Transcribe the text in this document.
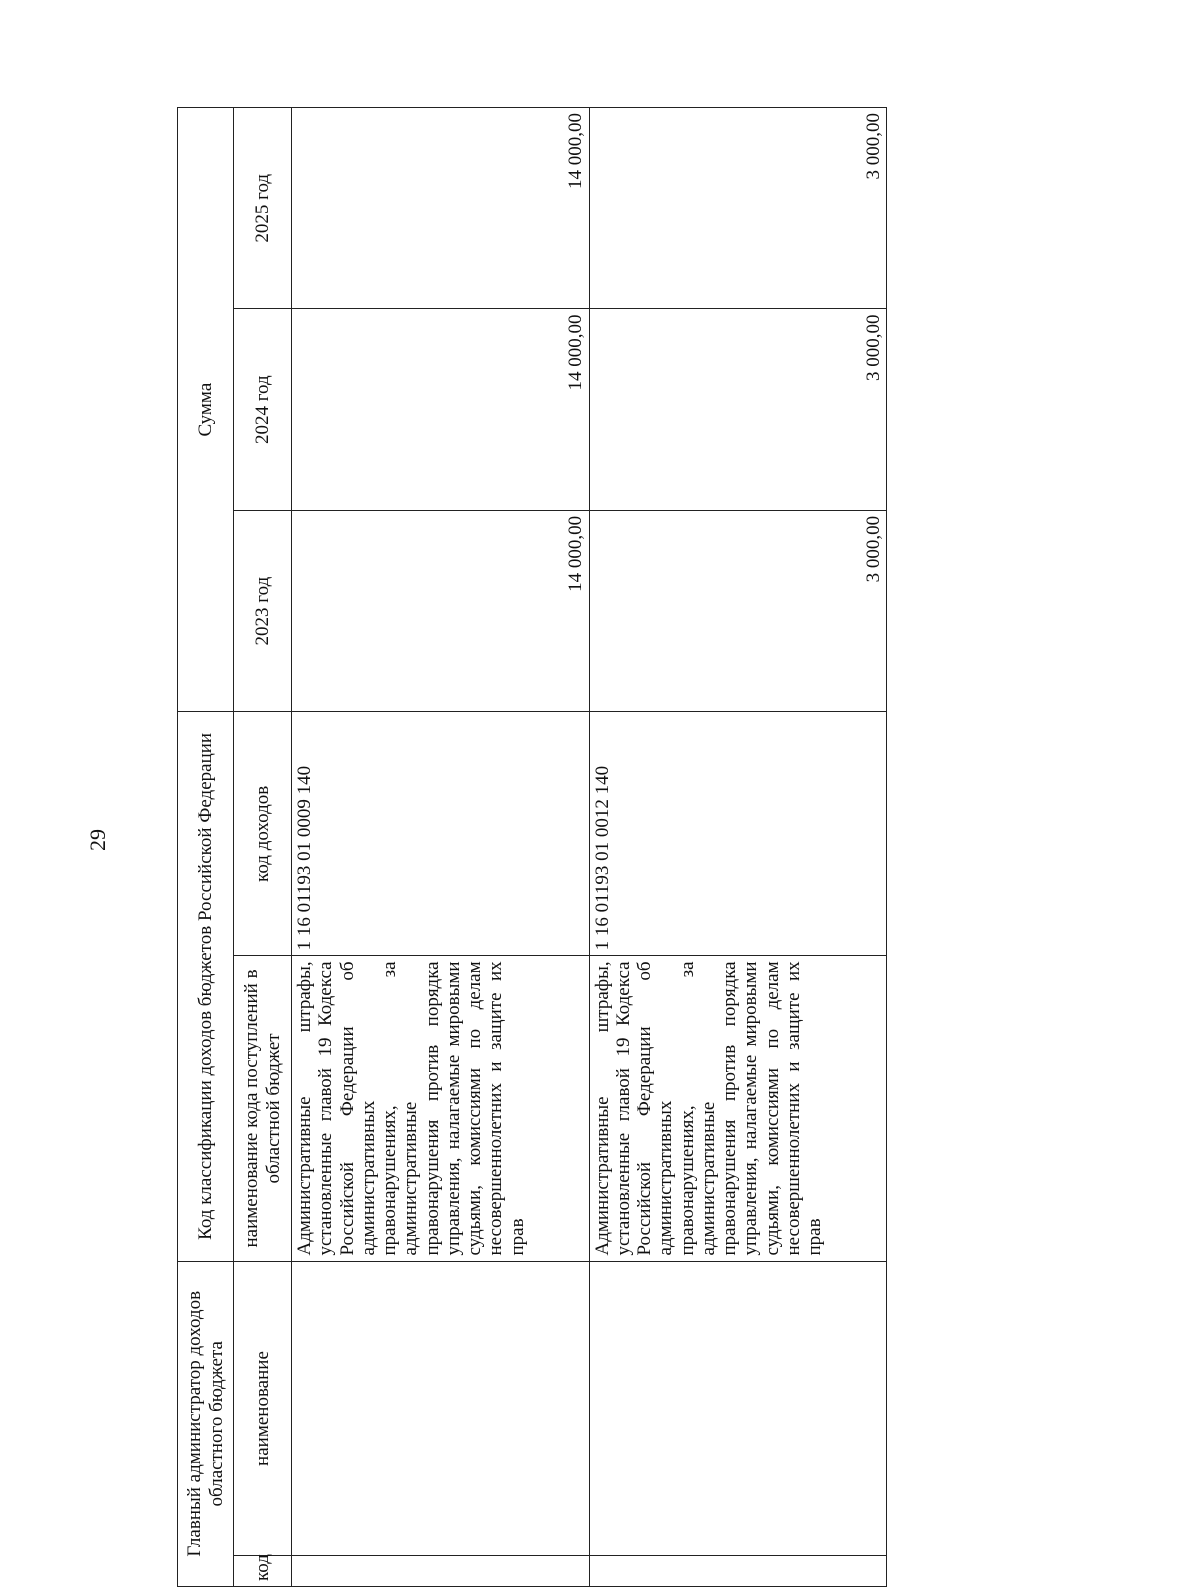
29
Главный администратор доходов областного бюджета		Код классификации доходов бюджетов Российской Федерации		Сумма		
код	наименование	наименование кода поступлений в областной бюджет	код доходов	2023 год	2024 год	2025 год
		Административные штрафы, установленные главой 19 Кодекса Российской Федерации об административных правонарушениях, за административные правонарушения против порядка управления, налагаемые мировыми судьями, комиссиями по делам несовершеннолетних и защите их прав	1 16 01193 01 0009 140	14 000,00	14 000,00	14 000,00
		Административные штрафы, установленные главой 19 Кодекса Российской Федерации об административных правонарушениях, за административные правонарушения против порядка управления, налагаемые мировыми судьями, комиссиями по делам несовершеннолетних и защите их прав	1 16 01193 01 0012 140	3 000,00	3 000,00	3 000,00
